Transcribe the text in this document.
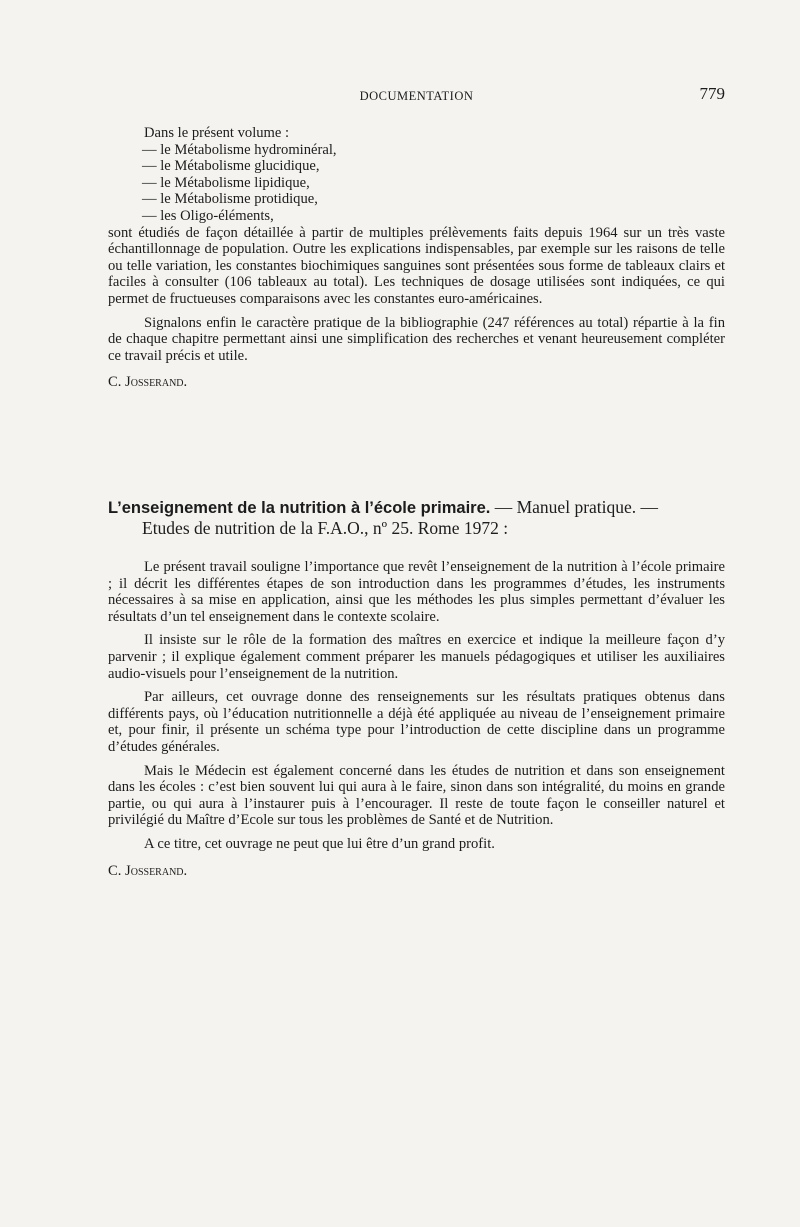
DOCUMENTATION	779

Dans le présent volume :

— le Métabolisme hydrominéral,
— le Métabolisme glucidique,
— le Métabolisme lipidique,
— le Métabolisme protidique,
— les Oligo-éléments,

sont étudiés de façon détaillée à partir de multiples prélèvements faits depuis 1964 sur un très vaste échantillonnage de population. Outre les explications indispensables, par exemple sur les raisons de telle ou telle variation, les constantes biochimiques sanguines sont présentées sous forme de tableaux clairs et faciles à consulter (106 tableaux au total). Les techniques de dosage utilisées sont indiquées, ce qui permet de fructueuses comparaisons avec les constantes euro-américaines.

Signalons enfin le caractère pratique de la bibliographie (247 références au total) répartie à la fin de chaque chapitre permettant ainsi une simplification des recherches et venant heureusement compléter ce travail précis et utile.

C. Josserand.

L’enseignement de la nutrition à l’école primaire. — Manuel pratique. —
Etudes de nutrition de la F.A.O., nº 25. Rome 1972 :

Le présent travail souligne l’importance que revêt l’enseignement de la nutrition à l’école primaire ; il décrit les différentes étapes de son introduction dans les programmes d’études, les instruments nécessaires à sa mise en application, ainsi que les méthodes les plus simples permettant d’évaluer les résultats d’un tel enseignement dans le contexte scolaire.

Il insiste sur le rôle de la formation des maîtres en exercice et indique la meilleure façon d’y parvenir ; il explique également comment préparer les manuels pédagogiques et utiliser les auxiliaires audio-visuels pour l’enseignement de la nutrition.

Par ailleurs, cet ouvrage donne des renseignements sur les résultats pratiques obtenus dans différents pays, où l’éducation nutritionnelle a déjà été appliquée au niveau de l’enseignement primaire et, pour finir, il présente un schéma type pour l’introduction de cette discipline dans un programme d’études générales.

Mais le Médecin est également concerné dans les études de nutrition et dans son enseignement dans les écoles : c’est bien souvent lui qui aura à le faire, sinon dans son intégralité, du moins en grande partie, ou qui aura à l’instaurer puis à l’encourager. Il reste de toute façon le conseiller naturel et privilégié du Maître d’Ecole sur tous les problèmes de Santé et de Nutrition.

A ce titre, cet ouvrage ne peut que lui être d’un grand profit.

C. Josserand.
